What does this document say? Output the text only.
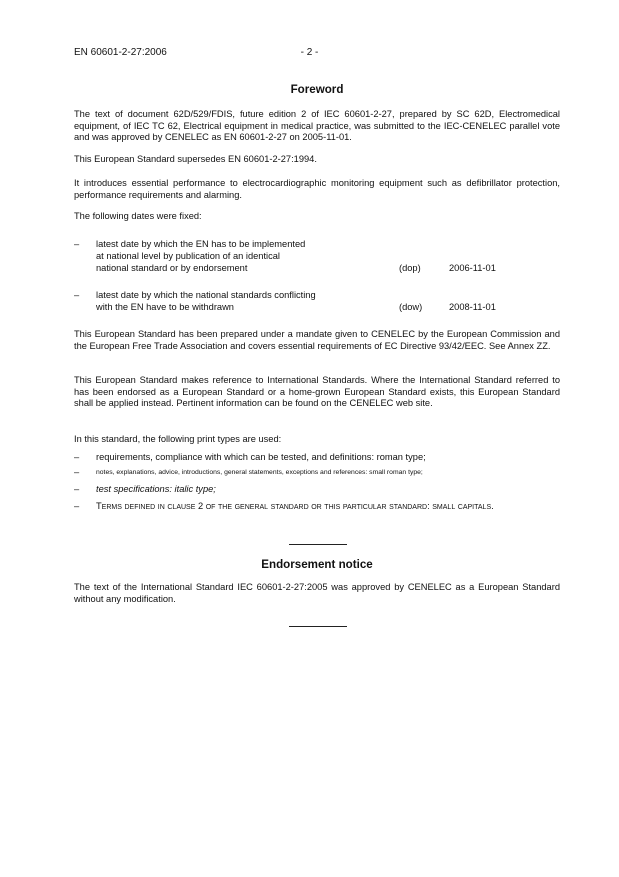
EN 60601-2-27:2006	- 2 -
Foreword

The text of document 62D/529/FDIS, future edition 2 of IEC 60601-2-27, prepared by SC 62D, Electromedical equipment, of IEC TC 62, Electrical equipment in medical practice, was submitted to the IEC-CENELEC parallel vote and was approved by CENELEC as EN 60601-2-27 on 2005-11-01.

This European Standard supersedes EN 60601-2-27:1994.

It introduces essential performance to electrocardiographic monitoring equipment such as defibrillator protection, performance requirements and alarming.

The following dates were fixed:

– latest date by which the EN has to be implemented
at national level by publication of an identical
national standard or by endorsement	(dop)	2006-11-01
– latest date by which the national standards conflicting
with the EN have to be withdrawn	(dow)	2008-11-01

This European Standard has been prepared under a mandate given to CENELEC by the European Commission and the European Free Trade Association and covers essential requirements of EC Directive 93/42/EEC. See Annex ZZ.

This European Standard makes reference to International Standards. Where the International Standard referred to has been endorsed as a European Standard or a home-grown European Standard exists, this European Standard shall be applied instead. Pertinent information can be found on the CENELEC web site.

In this standard, the following print types are used:

– requirements, compliance with which can be tested, and definitions: roman type;
– notes, explanations, advice, introductions, general statements, exceptions and references: small roman type;
– test specifications: italic type;
– Terms defined in clause 2 of the general standard or this particular standard: small capitals.
Endorsement notice

The text of the International Standard IEC 60601-2-27:2005 was approved by CENELEC as a European Standard without any modification.
